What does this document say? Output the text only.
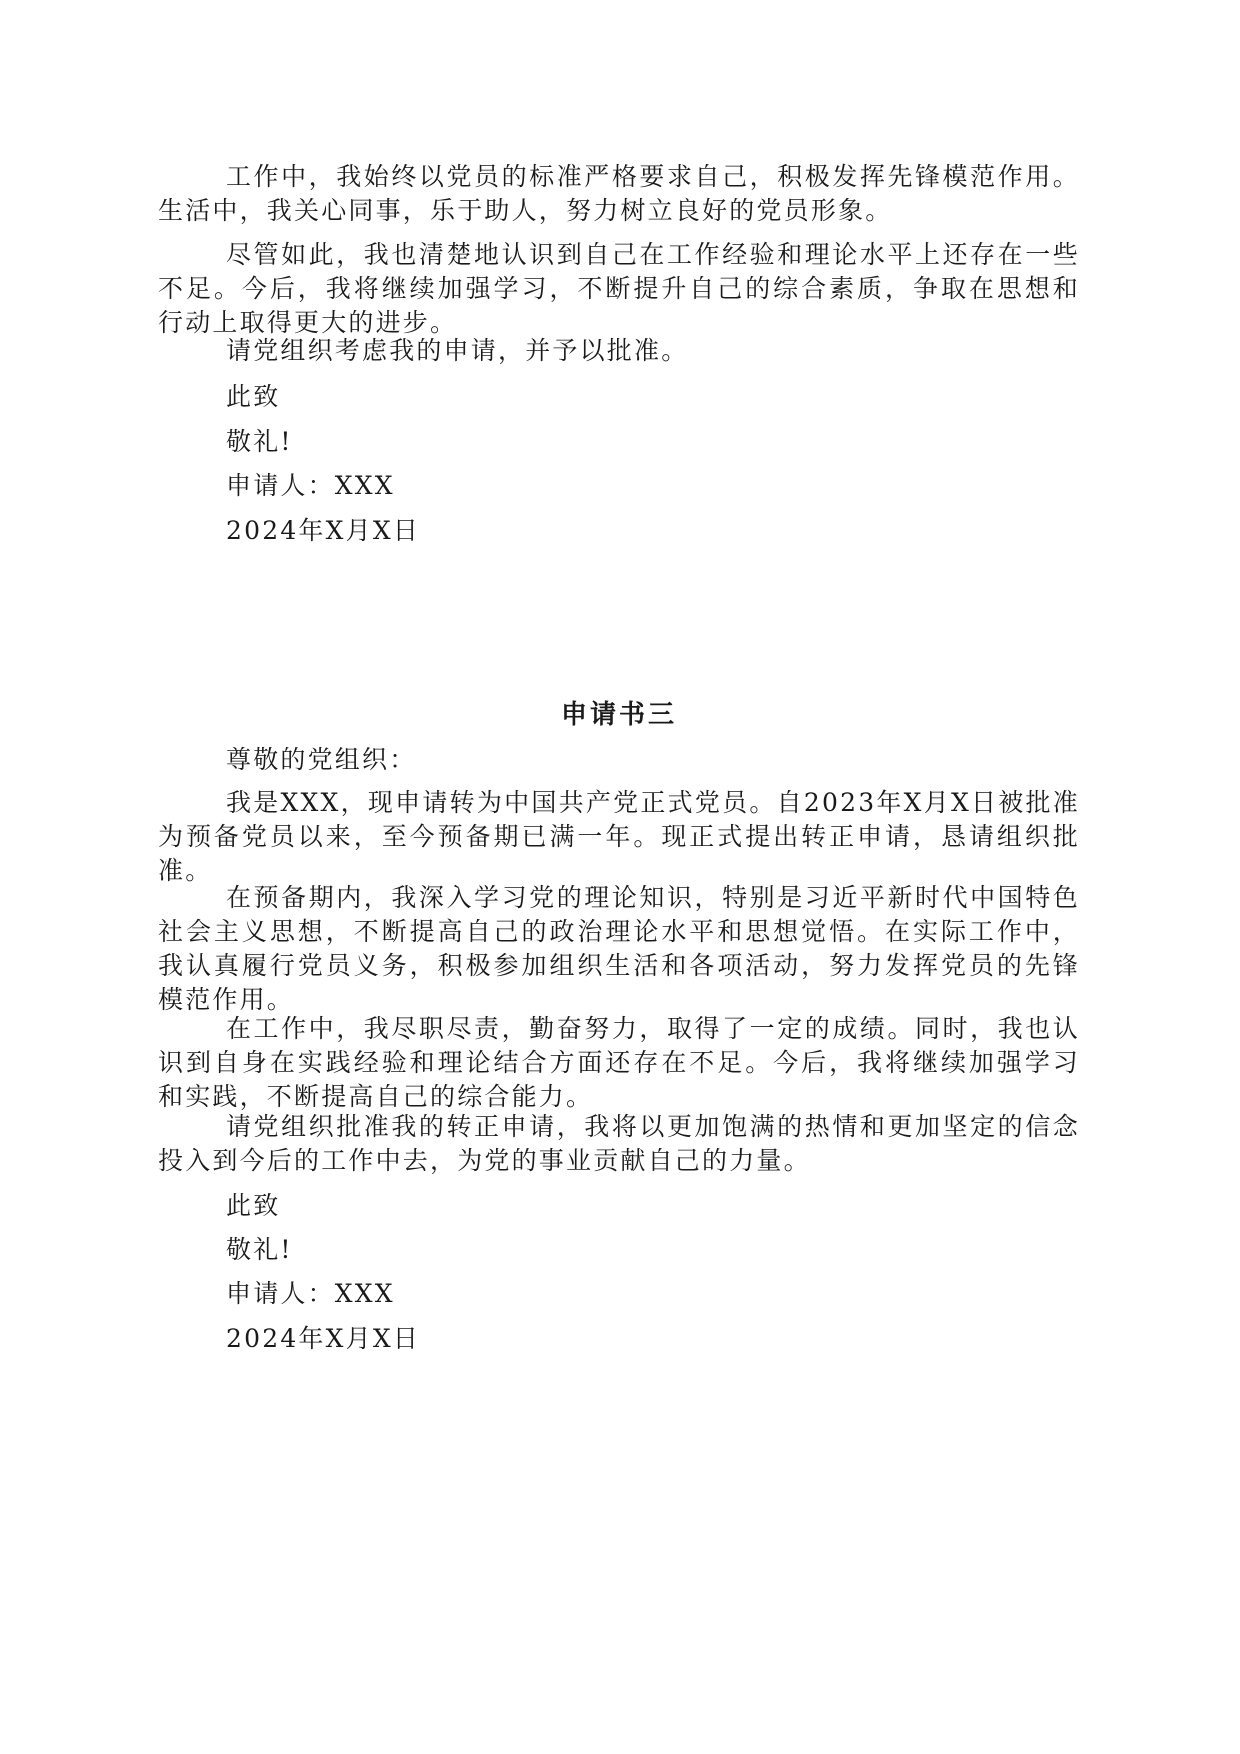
工作中，我始终以党员的标准严格要求自己，积极发挥先锋模范作用。生活中，我关心同事，乐于助人，努力树立良好的党员形象。

尽管如此，我也清楚地认识到自己在工作经验和理论水平上还存在一些不足。今后，我将继续加强学习，不断提升自己的综合素质，争取在思想和行动上取得更大的进步。

请党组织考虑我的申请，并予以批准。

此致

敬礼!

申请人：XXX

2024年X月X日

申请书三

尊敬的党组织：

我是XXX，现申请转为中国共产党正式党员。自2023年X月X日被批准为预备党员以来，至今预备期已满一年。现正式提出转正申请，恳请组织批准。

在预备期内，我深入学习党的理论知识，特别是习近平新时代中国特色社会主义思想，不断提高自己的政治理论水平和思想觉悟。在实际工作中，我认真履行党员义务，积极参加组织生活和各项活动，努力发挥党员的先锋模范作用。

在工作中，我尽职尽责，勤奋努力，取得了一定的成绩。同时，我也认识到自身在实践经验和理论结合方面还存在不足。今后，我将继续加强学习和实践，不断提高自己的综合能力。

请党组织批准我的转正申请，我将以更加饱满的热情和更加坚定的信念投入到今后的工作中去，为党的事业贡献自己的力量。

此致

敬礼!

申请人：XXX

2024年X月X日
